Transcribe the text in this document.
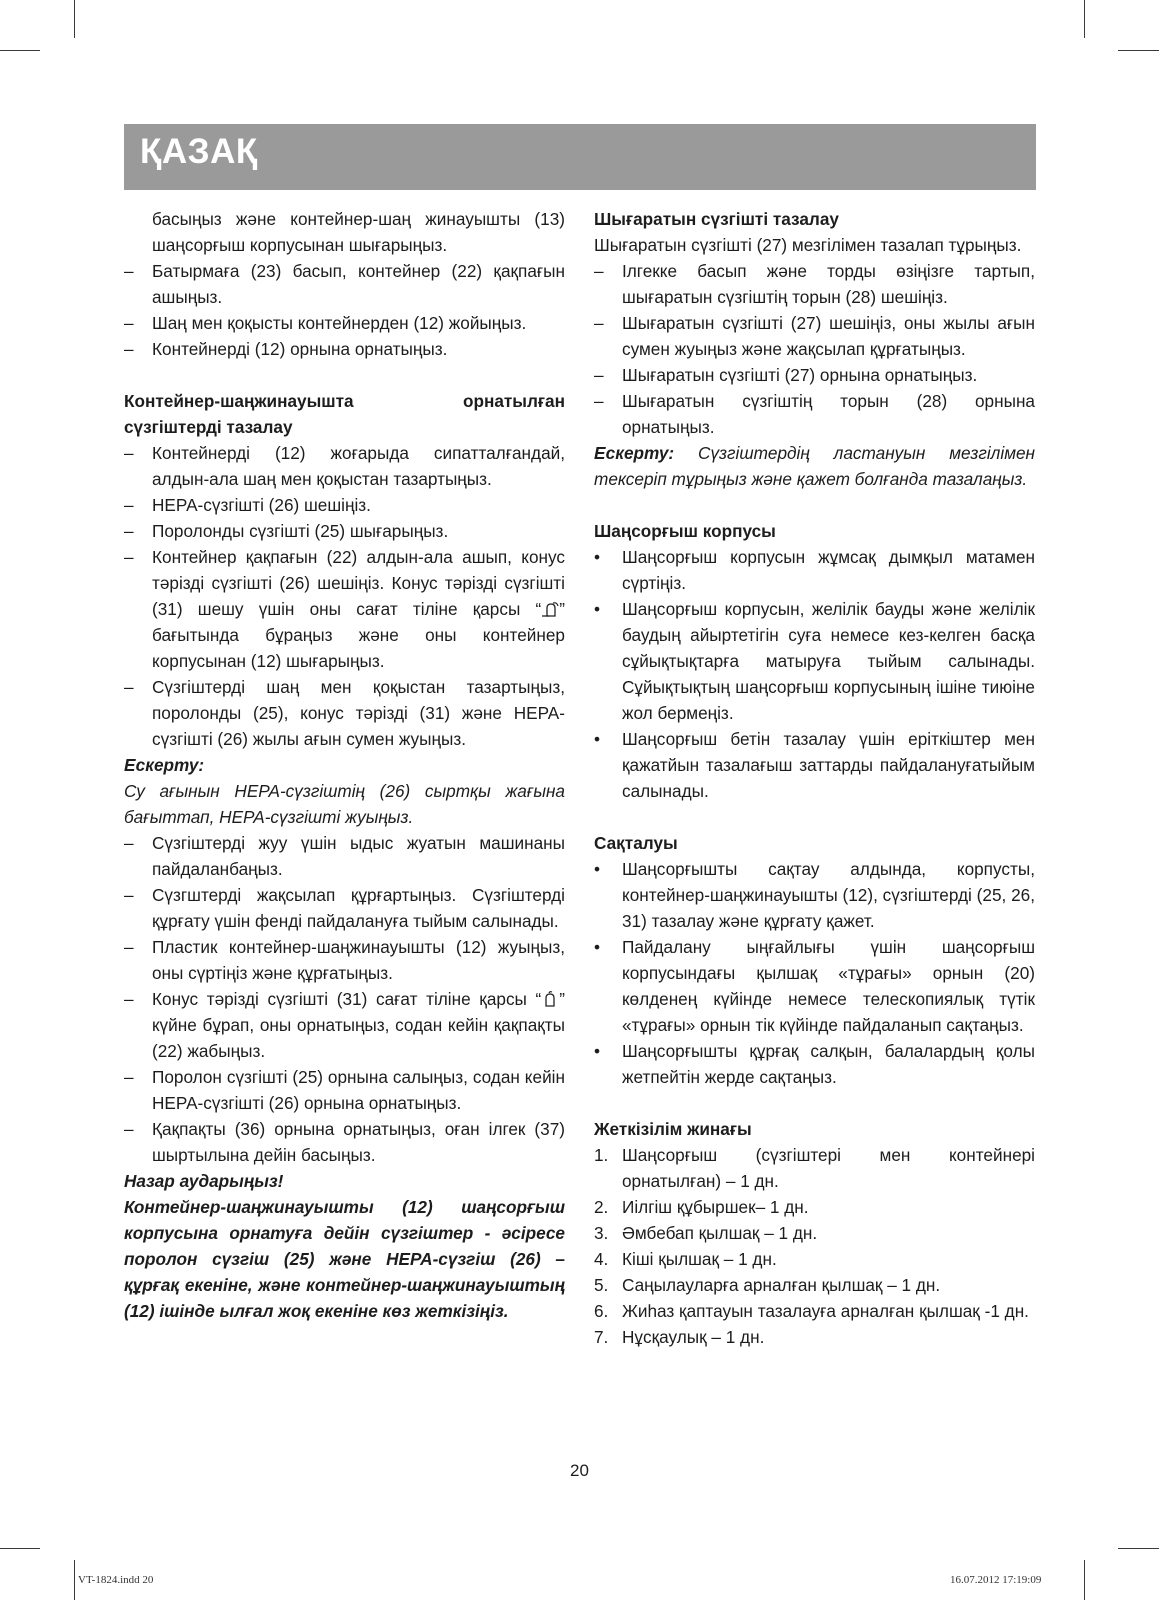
ҚАЗАҚ

басыңыз және контейнер-шаң жинауышты (13) шаңсорғыш корпусынан шығарыңыз.

– Батырмаға (23) басып, контейнер (22) қақпағын ашыңыз.
– Шаң мен қоқысты контейнерден (12) жойыңыз.
– Контейнерді (12) орнына орнатыңыз.

Контейнер-шаңжинауышта орнатылған

сүзгіштерді тазалау

– Контейнерді (12) жоғарыда сипатталғандай, алдын-ала шаң мен қоқыстан тазартыңыз.
– HEPA-сүзгішті (26) шешіңіз.
– Поролонды сүзгішті (25) шығарыңыз.
– Контейнер қақпағын (22) алдын-ала ашып, конус тәрізді сүзгішті (26) шешіңіз. Конус тәрізді сүзгішті (31) шешу үшін оны сағат тіліне қарсы “ ” бағытында бұраңыз және оны контейнер корпусынан (12) шығарыңыз.
– Сүзгіштерді шаң мен қоқыстан тазартыңыз, поролонды (25), конус тәрізді (31) және HEPA-сүзгішті (26) жылы ағын сумен жуыңыз.

Ескерту:

Су ағынын HEPA-сүзгіштің (26) сыртқы жағына бағыттап, HEPA-сүзгішті жуыңыз.

– Сүзгіштерді жуу үшін ыдыс жуатын машинаны пайдаланбаңыз.
– Сүзгштерді жақсылап құрғартыңыз. Сүзгіштерді құрғату үшін фенді пайдалануға тыйым салынады.
– Пластик контейнер-шаңжинауышты (12) жуыңыз, оны сүртіңіз және құрғатыңыз.
– Конус тәрізді сүзгішті (31) сағат тіліне қарсы “ ” күйне бұрап, оны орнатыңыз, содан кейін қақпақты (22) жабыңыз.
– Поролон сүзгішті (25) орнына салыңыз, содан кейін HEPA-сүзгішті (26) орнына орнатыңыз.
– Қақпақты (36) орнына орнатыңыз, оған ілгек (37) шыртылына дейін басыңыз.

Назар аударыңыз!

Контейнер-шаңжинауышты (12) шаңсорғыш корпусына орнатуға дейін сүзгіштер - әсіресе поролон сүзгіш (25) және HEPA-сүзгіш (26) – құрғақ екеніне, және контейнер-шаңжинауыштың (12) ішінде ылғал жоқ екеніне көз жеткізіңіз.

Шығаратын сүзгішті тазалау

Шығаратын сүзгішті (27) мезгілімен тазалап тұрыңыз.

– Ілгекке басып және торды өзіңізге тартып, шығаратын сүзгіштің торын (28) шешіңіз.
– Шығаратын сүзгішті (27) шешіңіз, оны жылы ағын сумен жуыңыз және жақсылап құрғатыңыз.
– Шығаратын сүзгішті (27) орнына орнатыңыз.
– Шығаратын сүзгіштің торын (28) орнына орнатыңыз.

Ескерту: Сүзгіштердің ластануын мезгілімен тексеріп тұрыңыз және қажет болғанда тазалаңыз.

Шаңсорғыш корпусы

• Шаңсорғыш корпусын жұмсақ дымқыл матамен сүртіңіз.
• Шаңсорғыш корпусын, желілік бауды және желілік баудың айыртетігін суға немесе кез-келген басқа сұйықтықтарға матыруға тыйым салынады. Сұйықтықтың шаңсорғыш корпусының ішіне тиюіне жол бермеңіз.
• Шаңсорғыш бетін тазалау үшін еріткіштер мен қажатйын тазалағыш заттарды пайдалануғатыйым салынады.

Сақталуы

• Шаңсорғышты сақтау алдында, корпусты, контейнер-шаңжинауышты (12), сүзгіштерді (25, 26, 31) тазалау және құрғату қажет.
• Пайдалану ыңғайлығы үшін шаңсорғыш корпусындағы қылшақ «тұрағы» орнын (20) көлденең күйінде немесе телескопиялық түтік «тұрағы» орнын тік күйінде пайдаланып сақтаңыз.
• Шаңсорғышты құрғақ салқын, балалардың қолы жетпейтін жерде сақтаңыз.

Жеткізілім жинағы

1. Шаңсорғыш (сүзгіштері мен контейнері орнатылған) – 1 дн.
2. Иілгіш құбыршек– 1 дн.
3. Әмбебап қылшақ – 1 дн.
4. Кіші қылшақ – 1 дн.
5. Саңылауларға арналған қылшақ – 1 дн.
6. Жиһаз қаптауын тазалауға арналған қылшақ -1 дн.
7. Нұсқаулық – 1 дн.

20

VT-1824.indd 20	16.07.2012 17:19:09
